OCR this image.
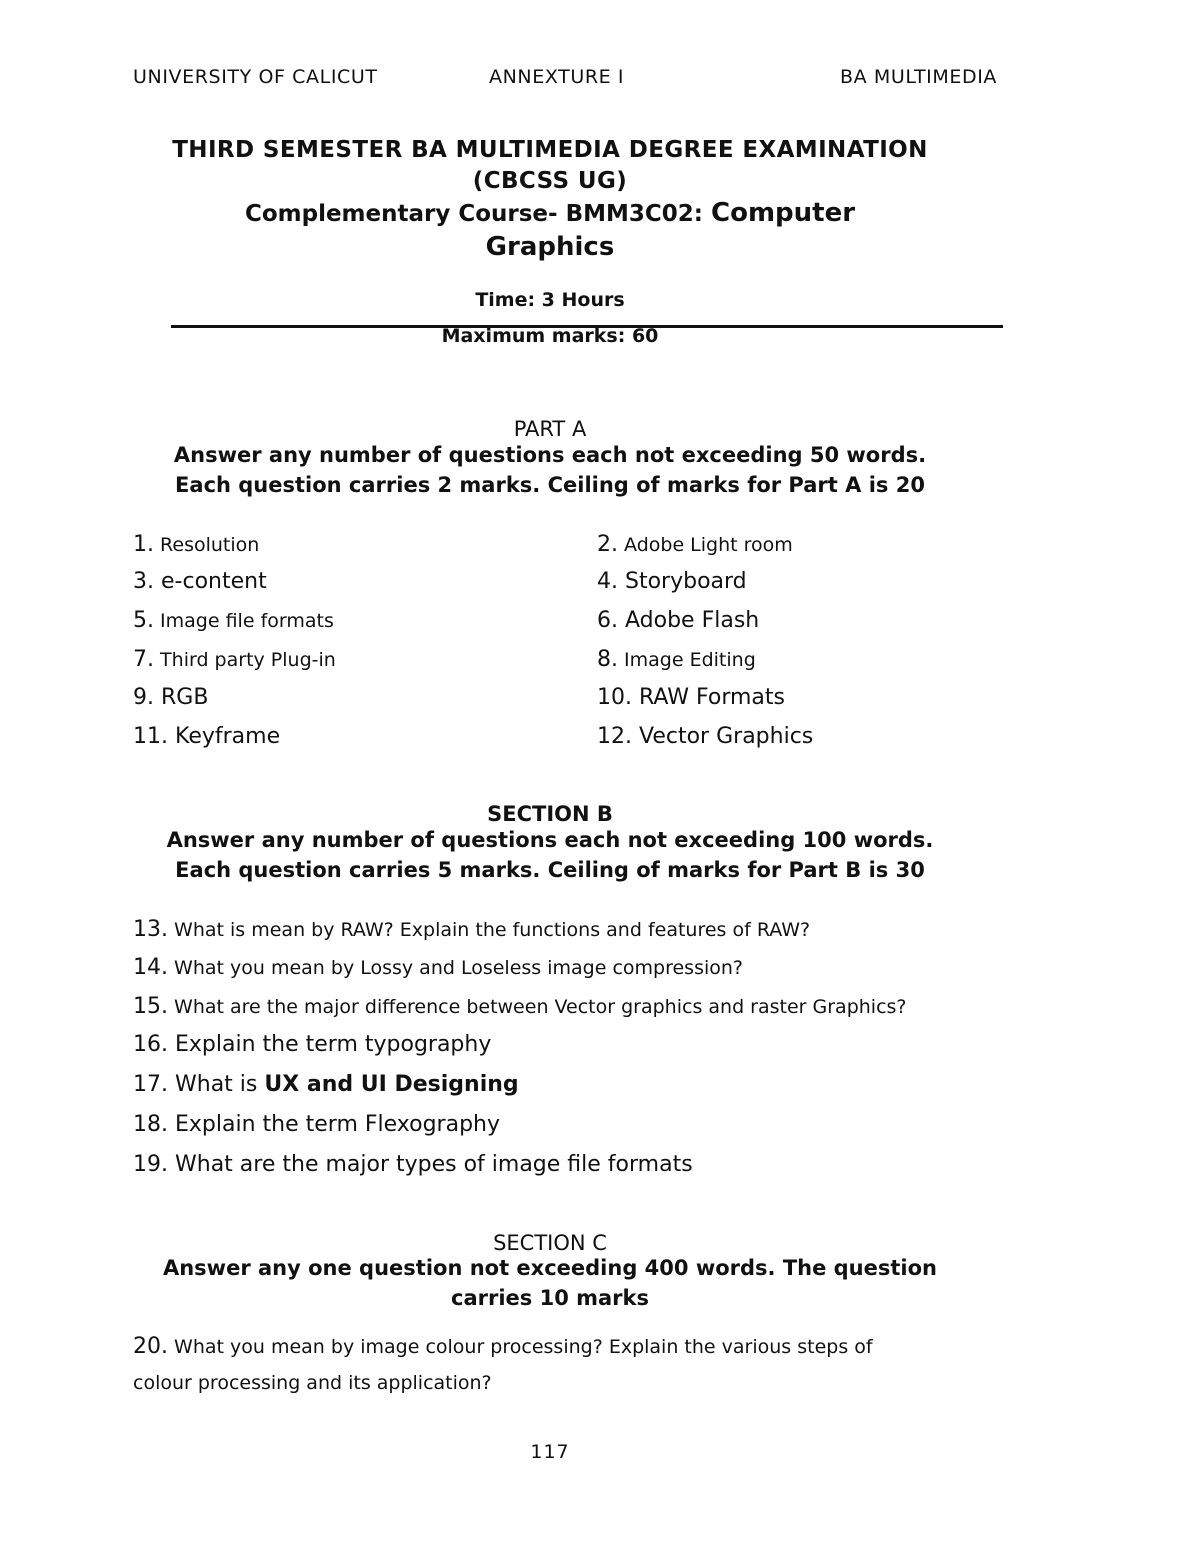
UNIVERSITY OF CALICUT	ANNEXTURE I	BA MULTIMEDIA
THIRD SEMESTER BA MULTIMEDIA DEGREE EXAMINATION
(CBCSS UG)
Complementary Course- BMM3C02: Computer
Graphics
Time: 3 Hours
Maximum marks: 60
PART A
Answer any number of questions each not exceeding 50 words.
Each question carries 2 marks. Ceiling of marks for Part A is 20
1. Resolution	2. Adobe Light room
3. e-content	4. Storyboard
5. Image file formats	6. Adobe Flash
7. Third party Plug-in	8. Image Editing
9. RGB	10. RAW Formats
11. Keyframe	12. Vector Graphics
SECTION B
Answer any number of questions each not exceeding 100 words.
Each question carries 5 marks. Ceiling of marks for Part B is 30
13. What is mean by RAW? Explain the functions and features of RAW?
14. What you mean by Lossy and Loseless image compression?
15. What are the major difference between Vector graphics and raster Graphics?
16. Explain the term typography
17. What is UX and UI Designing
18. Explain the term Flexography
19. What are the major types of image file formats
SECTION C
Answer any one question not exceeding 400 words. The question
carries 10 marks
20. What you mean by image colour processing? Explain the various steps of
colour processing and its application?
117
